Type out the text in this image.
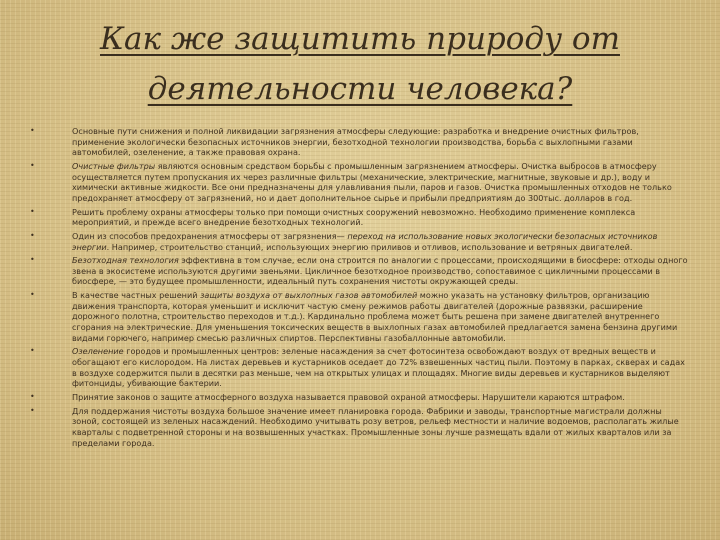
Как же защитить природу от
деятельности человека?
• Основные пути снижения и полной ликвидации загрязнения атмосферы следующие: разработка и внедрение очистных фильтров, применение экологически безопасных источников энергии, безотходной технологии производства, борьба с выхлопными газами автомобилей, озеленение, а также правовая охрана.
• Очистные фильтры являются основным средством борьбы с промышленным загрязнением атмосферы. Очистка выбросов в атмосферу осуществляется путем пропускания их через различные фильтры (механические, электрические, магнитные, звуковые и др.), воду и химически активные жидкости. Все они предназначены для улавливания пыли, паров и газов. Очистка промышленных отходов не только предохраняет атмосферу от загрязнений, но и дает дополнительное сырье и прибыли предприятиям до 300тыс. долларов в год.
• Решить проблему охраны атмосферы только при помощи очистных сооружений невозможно. Необходимо применение комплекса мероприятий, и прежде всего внедрение безотходных технологий.
• Один из способов предохранения атмосферы от загрязнения— переход на использование новых экологически безопасных источников энергии. Например, строительство станций, использующих энергию приливов и отливов, использование и ветряных двигателей.
• Безотходная технология эффективна в том случае, если она строится по аналогии с процессами, происходящими в биосфере: отходы одного звена в экосистеме используются другими звеньями. Цикличное безотходное производство, сопоставимое с цикличными процессами в биосфере, — это будущее промышленности, идеальный путь сохранения чистоты окружающей среды.
• В качестве частных решений защиты воздуха от выхлопных газов автомобилей можно указать на установку фильтров, организацию движения транспорта, которая уменьшит и исключит частую смену режимов работы двигателей (дорожные развязки, расширение дорожного полотна, строительство переходов и т.д.). Кардинально проблема может быть решена при замене двигателей внутреннего сгорания на электрические. Для уменьшения токсических веществ в выхлопных газах автомобилей предлагается замена бензина другими видами горючего, например смесью различных спиртов. Перспективны газобаллонные автомобили.
• Озеленение городов и промышленных центров: зеленые насаждения за счет фотосинтеза освобождают воздух от вредных веществ и обогащают его кислородом. На листах деревьев и кустарников оседает до 72% взвешенных частиц пыли. Поэтому в парках, скверах и садах в воздухе содержится пыли в десятки раз меньше, чем на открытых улицах и площадях. Многие виды деревьев и кустарников выделяют фитонциды, убивающие бактерии.
• Принятие законов о защите атмосферного воздуха называется правовой охраной атмосферы. Нарушители караются штрафом.
• Для поддержания чистоты воздуха большое значение имеет планировка города. Фабрики и заводы, транспортные магистрали должны зоной, состоящей из зеленых насаждений. Необходимо учитывать розу ветров, рельеф местности и наличие водоемов, располагать жилые кварталы с подветренной стороны и на возвышенных участках. Промышленные зоны лучше размещать вдали от жилых кварталов или за пределами города.
